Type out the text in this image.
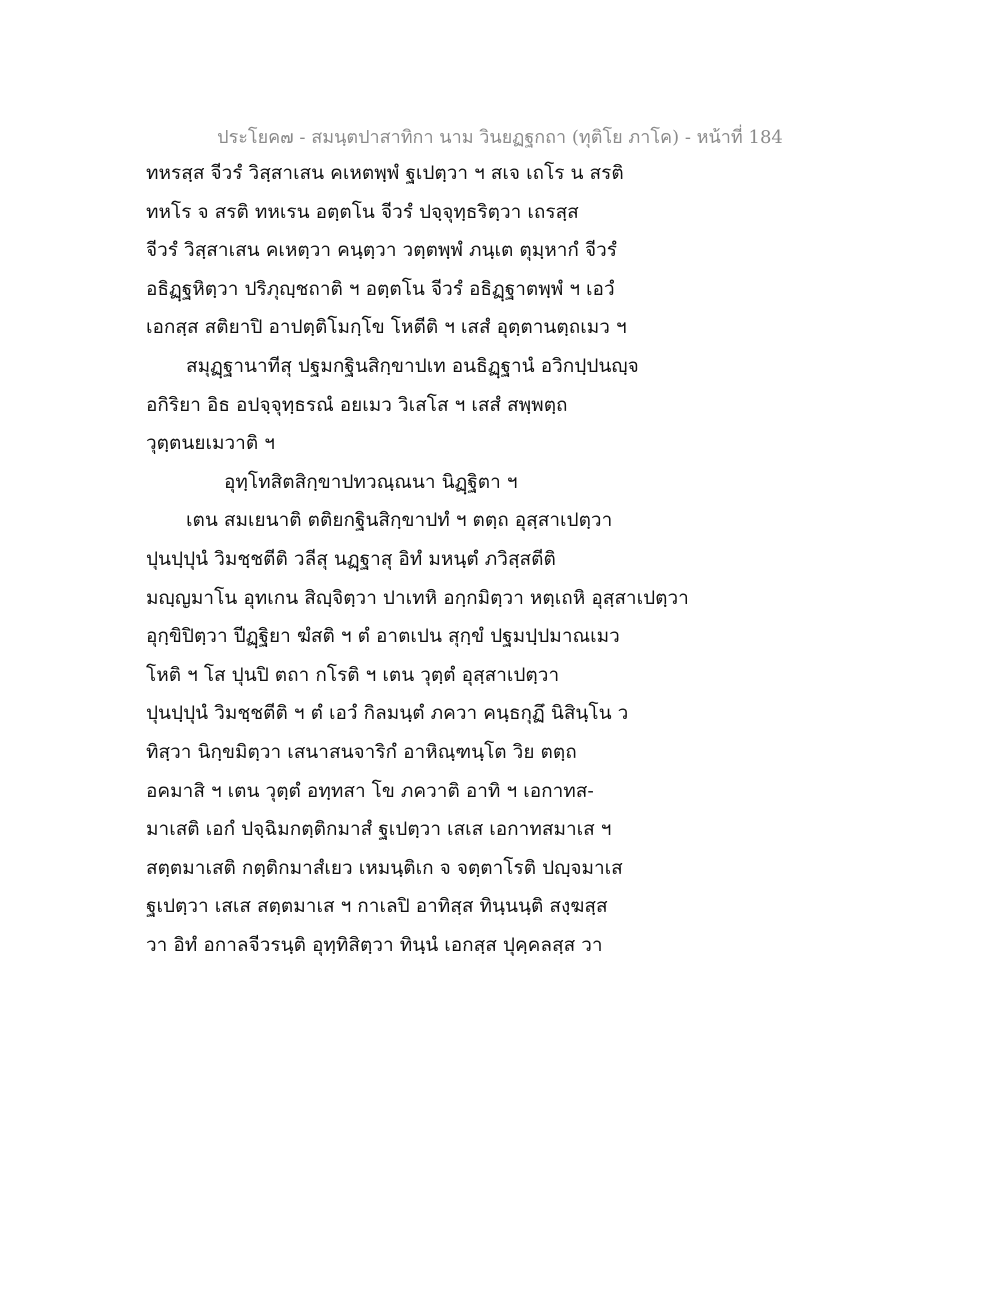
ประโยค๗ - สมนฺตปาสาทิกา นาม วินยฏฐกถา (ทุติโย ภาโค) - หน้าที่ 184
ทหรสฺส จีวรํ วิสฺสาเสน คเหตพฺพํ ฐเปตฺวา ฯ สเจ เถโร น สรติ
ทหโร จ สรติ ทหเรน อตฺตโน จีวรํ ปจฺจุทฺธริตฺวา เถรสฺส
จีวรํ วิสฺสาเสน คเหตฺวา คนฺตฺวา วตฺตพฺพํ ภนฺเต ตุมฺหากํ จีวรํ
อธิฏฺฐหิตฺวา ปริภุญฺชถาติ ฯ อตฺตโน จีวรํ อธิฏฺฐาตพฺพํ ฯ เอวํ
เอกสฺส สติยาปิ อาปตฺติโมกฺโข โหตีติ ฯ เสสํ อุตฺตานตฺถเมว ฯ
สมุฏฺฐานาทีสุ ปฐมกฐินสิกฺขาปเท อนธิฏฺฐานํ อวิกปฺปนญฺจ
อกิริยา อิธ อปจฺจุทฺธรณํ อยเมว วิเสโส ฯ เสสํ สพฺพตฺถ
วุตฺตนยเมวาติ ฯ
อุทฺโทสิตสิกฺขาปทวณฺณนา นิฏฺฐิตา ฯ
เตน สมเยนาติ ตติยกฐินสิกฺขาปทํ ฯ ตตฺถ อุสฺสาเปตฺวา
ปุนปฺปุนํ วิมชฺชตีติ วลีสุ นฏฺฐาสุ อิทํ มหนฺตํ ภวิสฺสตีติ
มญฺญมาโน อุทเกน สิญฺจิตฺวา ปาเทหิ อกฺกมิตฺวา หตฺเถหิ อุสฺสาเปตฺวา
อุกฺขิปิตฺวา ปีฏฺฐิยา ฆํสติ ฯ ตํ อาตเปน สุกฺขํ ปฐมปฺปมาณเมว
โหติ ฯ โส ปุนปิ ตถา กโรติ ฯ เตน วุตฺตํ อุสฺสาเปตฺวา
ปุนปฺปุนํ วิมชฺชตีติ ฯ ตํ เอวํ กิลมนฺตํ ภควา คนฺธกุฏึ นิสินฺโน ว
ทิสฺวา นิกฺขมิตฺวา เสนาสนจาริกํ อาหิณฺฑนฺโต วิย ตตฺถ
อคมาสิ ฯ เตน วุตฺตํ อทฺทสา โข ภควาติ อาทิ ฯ เอกาทส-
มาเสติ เอกํ ปจฺฉิมกตฺติกมาสํ ฐเปตฺวา เสเส เอกาทสมาเส ฯ
สตฺตมาเสติ กตฺติกมาสํเยว เหมนฺติเก จ จตฺตาโรติ ปญฺจมาเส
ฐเปตฺวา เสเส สตฺตมาเส ฯ กาเลปิ อาทิสฺส ทินฺนนฺติ สงฺฆสฺส
วา อิทํ อกาลจีวรนฺติ อุทฺทิสิตฺวา ทินฺนํ เอกสฺส ปุคฺคลสฺส วา
